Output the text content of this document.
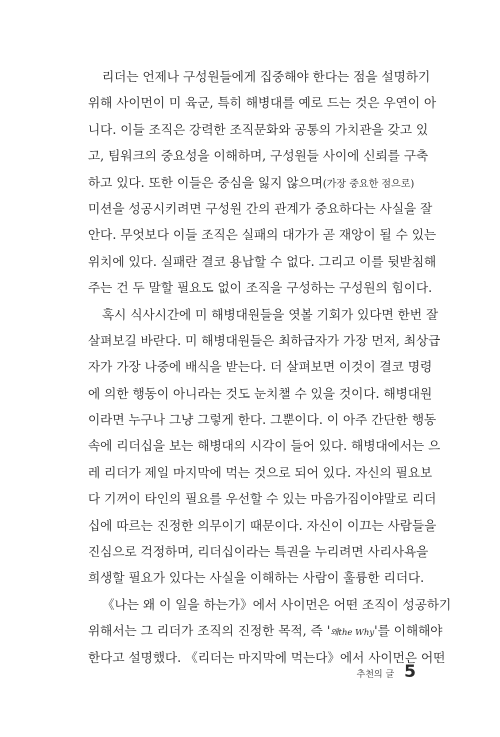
리더는 언제나 구성원들에게 집중해야 한다는 점을 설명하기
위해 사이먼이 미 육군, 특히 해병대를 예로 드는 것은 우연이 아
니다. 이들 조직은 강력한 조직문화와 공통의 가치관을 갖고 있
고, 팀워크의 중요성을 이해하며, 구성원들 사이에 신뢰를 구축
하고 있다. 또한 이들은 중심을 잃지 않으며(가장 중요한 점으로)
미션을 성공시키려면 구성원 간의 관계가 중요하다는 사실을 잘
안다. 무엇보다 이들 조직은 실패의 대가가 곧 재앙이 될 수 있는
위치에 있다. 실패란 결코 용납할 수 없다. 그리고 이를 뒷받침해
주는 건 두 말할 필요도 없이 조직을 구성하는 구성원의 힘이다.
혹시 식사시간에 미 해병대원들을 엿볼 기회가 있다면 한번 잘
살펴보길 바란다. 미 해병대원들은 최하급자가 가장 먼저, 최상급
자가 가장 나중에 배식을 받는다. 더 살펴보면 이것이 결코 명령
에 의한 행동이 아니라는 것도 눈치챌 수 있을 것이다. 해병대원
이라면 누구나 그냥 그렇게 한다. 그뿐이다. 이 아주 간단한 행동
속에 리더십을 보는 해병대의 시각이 들어 있다. 해병대에서는 으
레 리더가 제일 마지막에 먹는 것으로 되어 있다. 자신의 필요보
다 기꺼이 타인의 필요를 우선할 수 있는 마음가짐이야말로 리더
십에 따르는 진정한 의무이기 때문이다. 자신이 이끄는 사람들을
진심으로 걱정하며, 리더십이라는 특권을 누리려면 사리사욕을
희생할 필요가 있다는 사실을 이해하는 사람이 훌륭한 리더다.
《나는 왜 이 일을 하는가》에서 사이먼은 어떤 조직이 성공하기
위해서는 그 리더가 조직의 진정한 목적, 즉 '왜the Why'를 이해해야
한다고 설명했다. 《리더는 마지막에 먹는다》에서 사이먼은 어떤
추천의 글 5
